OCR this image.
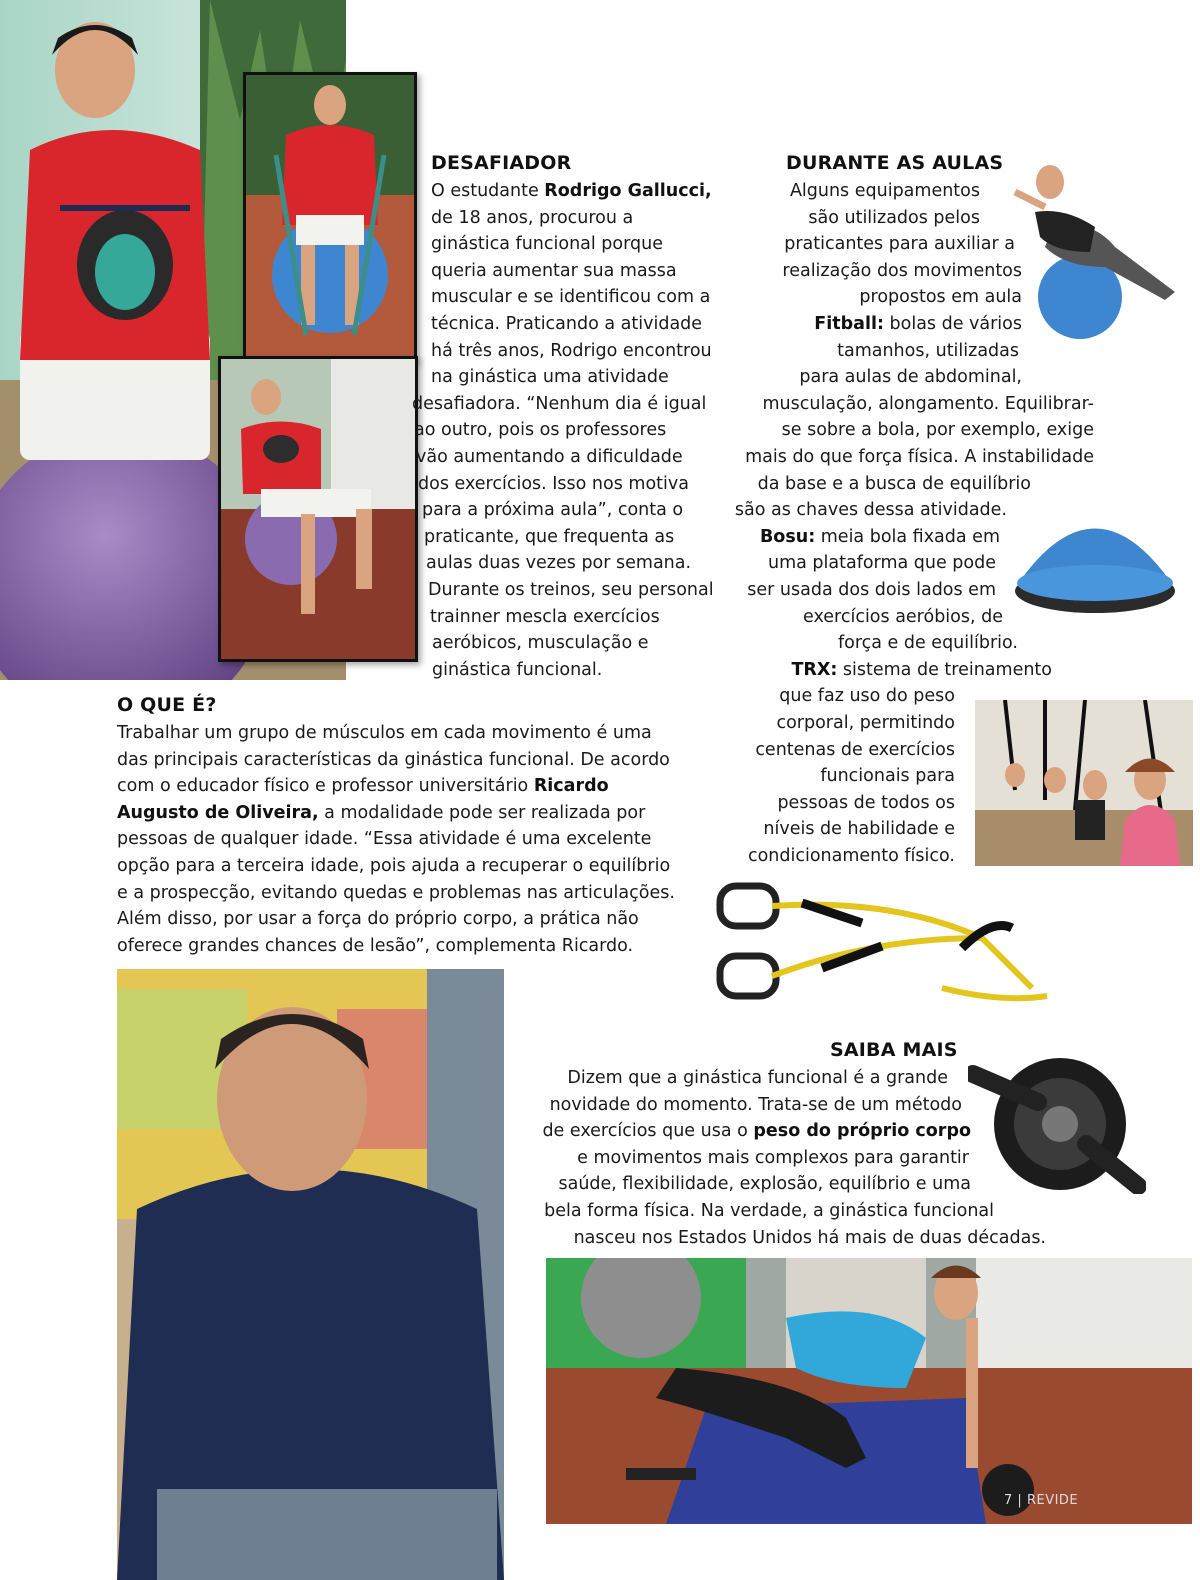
DESAFIADOR
O estudante Rodrigo Gallucci,
de 18 anos, procurou a
ginástica funcional porque
queria aumentar sua massa
muscular e se identificou com a
técnica. Praticando a atividade
há três anos, Rodrigo encontrou
na ginástica uma atividade
desafiadora. “Nenhum dia é igual
ao outro, pois os professores
vão aumentando a dificuldade
dos exercícios. Isso nos motiva
para a próxima aula”, conta o
praticante, que frequenta as
aulas duas vezes por semana.
Durante os treinos, seu personal
trainner mescla exercícios
aeróbicos, musculação e
ginástica funcional.
O QUE É?
Trabalhar um grupo de músculos em cada movimento é uma
das principais características da ginástica funcional. De acordo
com o educador físico e professor universitário Ricardo
Augusto de Oliveira, a modalidade pode ser realizada por
pessoas de qualquer idade. “Essa atividade é uma excelente
opção para a terceira idade, pois ajuda a recuperar o equilíbrio
e a prospecção, evitando quedas e problemas nas articulações.
Além disso, por usar a força do próprio corpo, a prática não
oferece grandes chances de lesão”, complementa Ricardo.
DURANTE AS AULAS
Alguns equipamentos
são utilizados pelos
praticantes para auxiliar a
realização dos movimentos
propostos em aula
Fitball: bolas de vários
tamanhos, utilizadas
para aulas de abdominal,
musculação, alongamento. Equilibrar-
se sobre a bola, por exemplo, exige
mais do que força física. A instabilidade
da base e a busca de equilíbrio
são as chaves dessa atividade.
Bosu: meia bola fixada em
uma plataforma que pode
ser usada dos dois lados em
exercícios aeróbios, de
força e de equilíbrio.
TRX: sistema de treinamento
que faz uso do peso
corporal, permitindo
centenas de exercícios
funcionais para
pessoas de todos os
níveis de habilidade e
condicionamento físico.
SAIBA MAIS
Dizem que a ginástica funcional é a grande
novidade do momento. Trata-se de um método
de exercícios que usa o peso do próprio corpo
e movimentos mais complexos para garantir
saúde, flexibilidade, explosão, equilíbrio e uma
bela forma física. Na verdade, a ginástica funcional
nasceu nos Estados Unidos há mais de duas décadas.
7 | REVIDE
